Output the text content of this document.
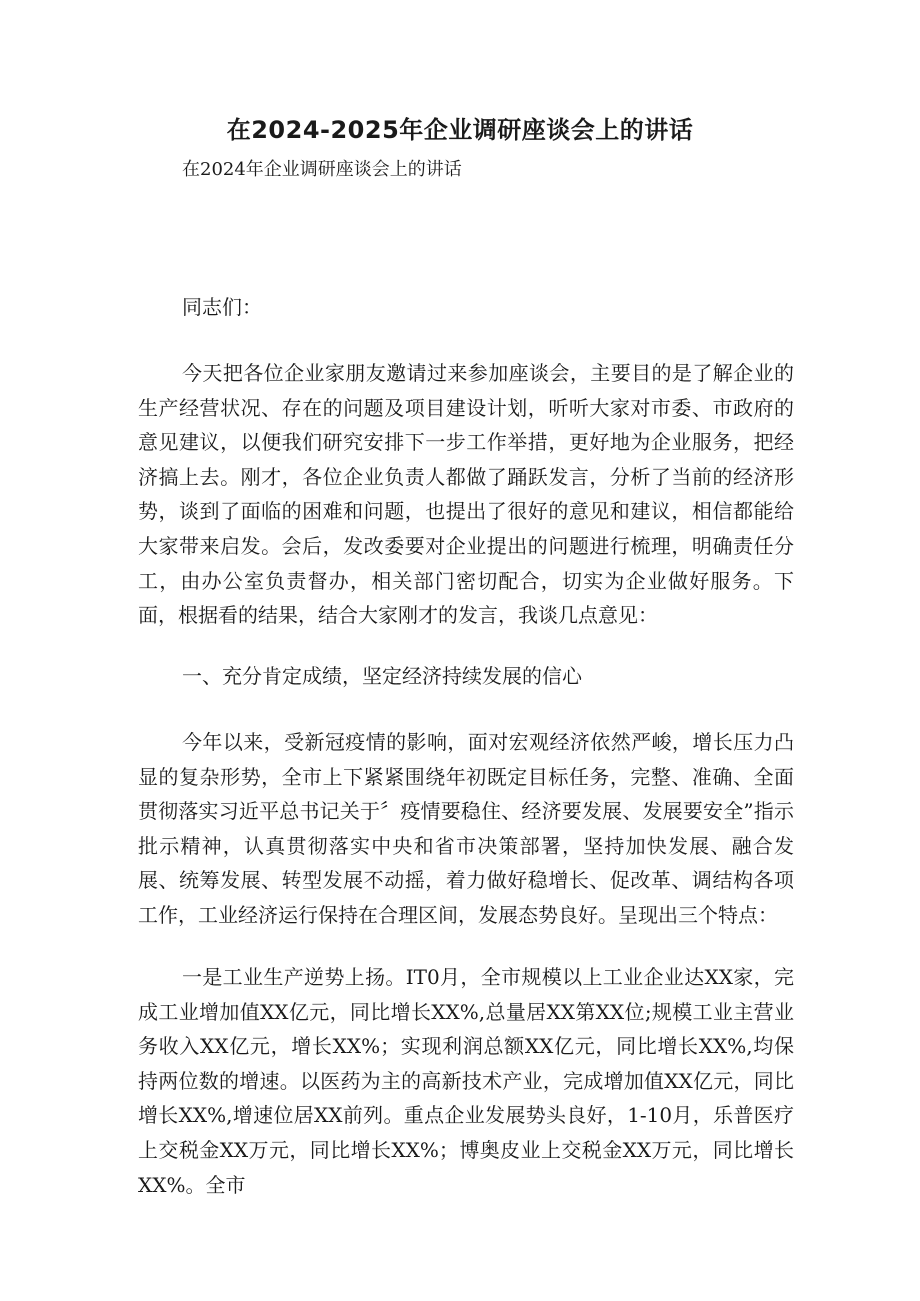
在2024-2025年企业调研座谈会上的讲话

在2024年企业调研座谈会上的讲话

同志们：

今天把各位企业家朋友邀请过来参加座谈会，主要目的是了解企业的生产经营状况、存在的问题及项目建设计划，听听大家对市委、市政府的意见建议，以便我们研究安排下一步工作举措，更好地为企业服务，把经济搞上去。刚才，各位企业负责人都做了踊跃发言，分析了当前的经济形势，谈到了面临的困难和问题，也提出了很好的意见和建议，相信都能给大家带来启发。会后，发改委要对企业提出的问题进行梳理，明确责任分工，由办公室负责督办，相关部门密切配合，切实为企业做好服务。下面，根据看的结果，结合大家刚才的发言，我谈几点意见：

一、充分肯定成绩，坚定经济持续发展的信心

今年以来，受新冠疫情的影响，面对宏观经济依然严峻，增长压力凸显的复杂形势，全市上下紧紧围绕年初既定目标任务，完整、准确、全面贯彻落实习近平总书记关于〞疫情要稳住、经济要发展、发展要安全”指示批示精神，认真贯彻落实中央和省市决策部署，坚持加快发展、融合发展、统筹发展、转型发展不动摇，着力做好稳增长、促改革、调结构各项工作，工业经济运行保持在合理区间，发展态势良好。呈现出三个特点：

一是工业生产逆势上扬。IT0月，全市规模以上工业企业达XX家，完成工业增加值XX亿元，同比增长XX%,总量居XX第XX位;规模工业主营业务收入XX亿元，增长XX%；实现利润总额XX亿元，同比增长XX%,均保持两位数的增速。以医药为主的高新技术产业，完成增加值XX亿元，同比增长XX%,增速位居XX前列。重点企业发展势头良好，1-10月，乐普医疗上交税金XX万元，同比增长XX%；博奥皮业上交税金XX万元，同比增长XX%。全市
